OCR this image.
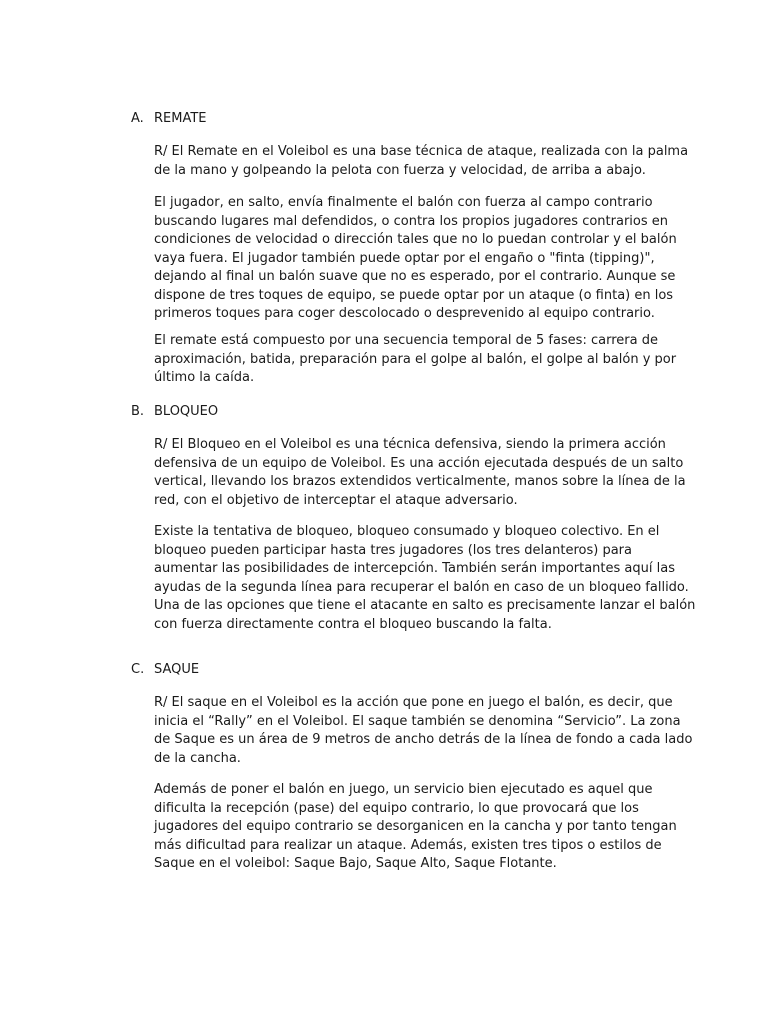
A. REMATE

R/ El Remate en el Voleibol es una base técnica de ataque, realizada con la palma
de la mano y golpeando la pelota con fuerza y velocidad, de arriba a abajo.

El jugador, en salto, envía finalmente el balón con fuerza al campo contrario
buscando lugares mal defendidos, o contra los propios jugadores contrarios en
condiciones de velocidad o dirección tales que no lo puedan controlar y el balón
vaya fuera. El jugador también puede optar por el engaño o "finta (tipping)",
dejando al final un balón suave que no es esperado, por el contrario. Aunque se
dispone de tres toques de equipo, se puede optar por un ataque (o finta) en los
primeros toques para coger descolocado o desprevenido al equipo contrario.

El remate está compuesto por una secuencia temporal de 5 fases: carrera de
aproximación, batida, preparación para el golpe al balón, el golpe al balón y por
último la caída.

B. BLOQUEO

R/ El Bloqueo en el Voleibol es una técnica defensiva, siendo la primera acción
defensiva de un equipo de Voleibol. Es una acción ejecutada después de un salto
vertical, llevando los brazos extendidos verticalmente, manos sobre la línea de la
red, con el objetivo de interceptar el ataque adversario.

Existe la tentativa de bloqueo, bloqueo consumado y bloqueo colectivo. En el
bloqueo pueden participar hasta tres jugadores (los tres delanteros) para
aumentar las posibilidades de intercepción. También serán importantes aquí las
ayudas de la segunda línea para recuperar el balón en caso de un bloqueo fallido.
Una de las opciones que tiene el atacante en salto es precisamente lanzar el balón
con fuerza directamente contra el bloqueo buscando la falta.

C. SAQUE

R/ El saque en el Voleibol es la acción que pone en juego el balón, es decir, que
inicia el “Rally” en el Voleibol. El saque también se denomina “Servicio”. La zona
de Saque es un área de 9 metros de ancho detrás de la línea de fondo a cada lado
de la cancha.

Además de poner el balón en juego, un servicio bien ejecutado es aquel que
dificulta la recepción (pase) del equipo contrario, lo que provocará que los
jugadores del equipo contrario se desorganicen en la cancha y por tanto tengan
más dificultad para realizar un ataque. Además, existen tres tipos o estilos de
Saque en el voleibol: Saque Bajo, Saque Alto, Saque Flotante.
